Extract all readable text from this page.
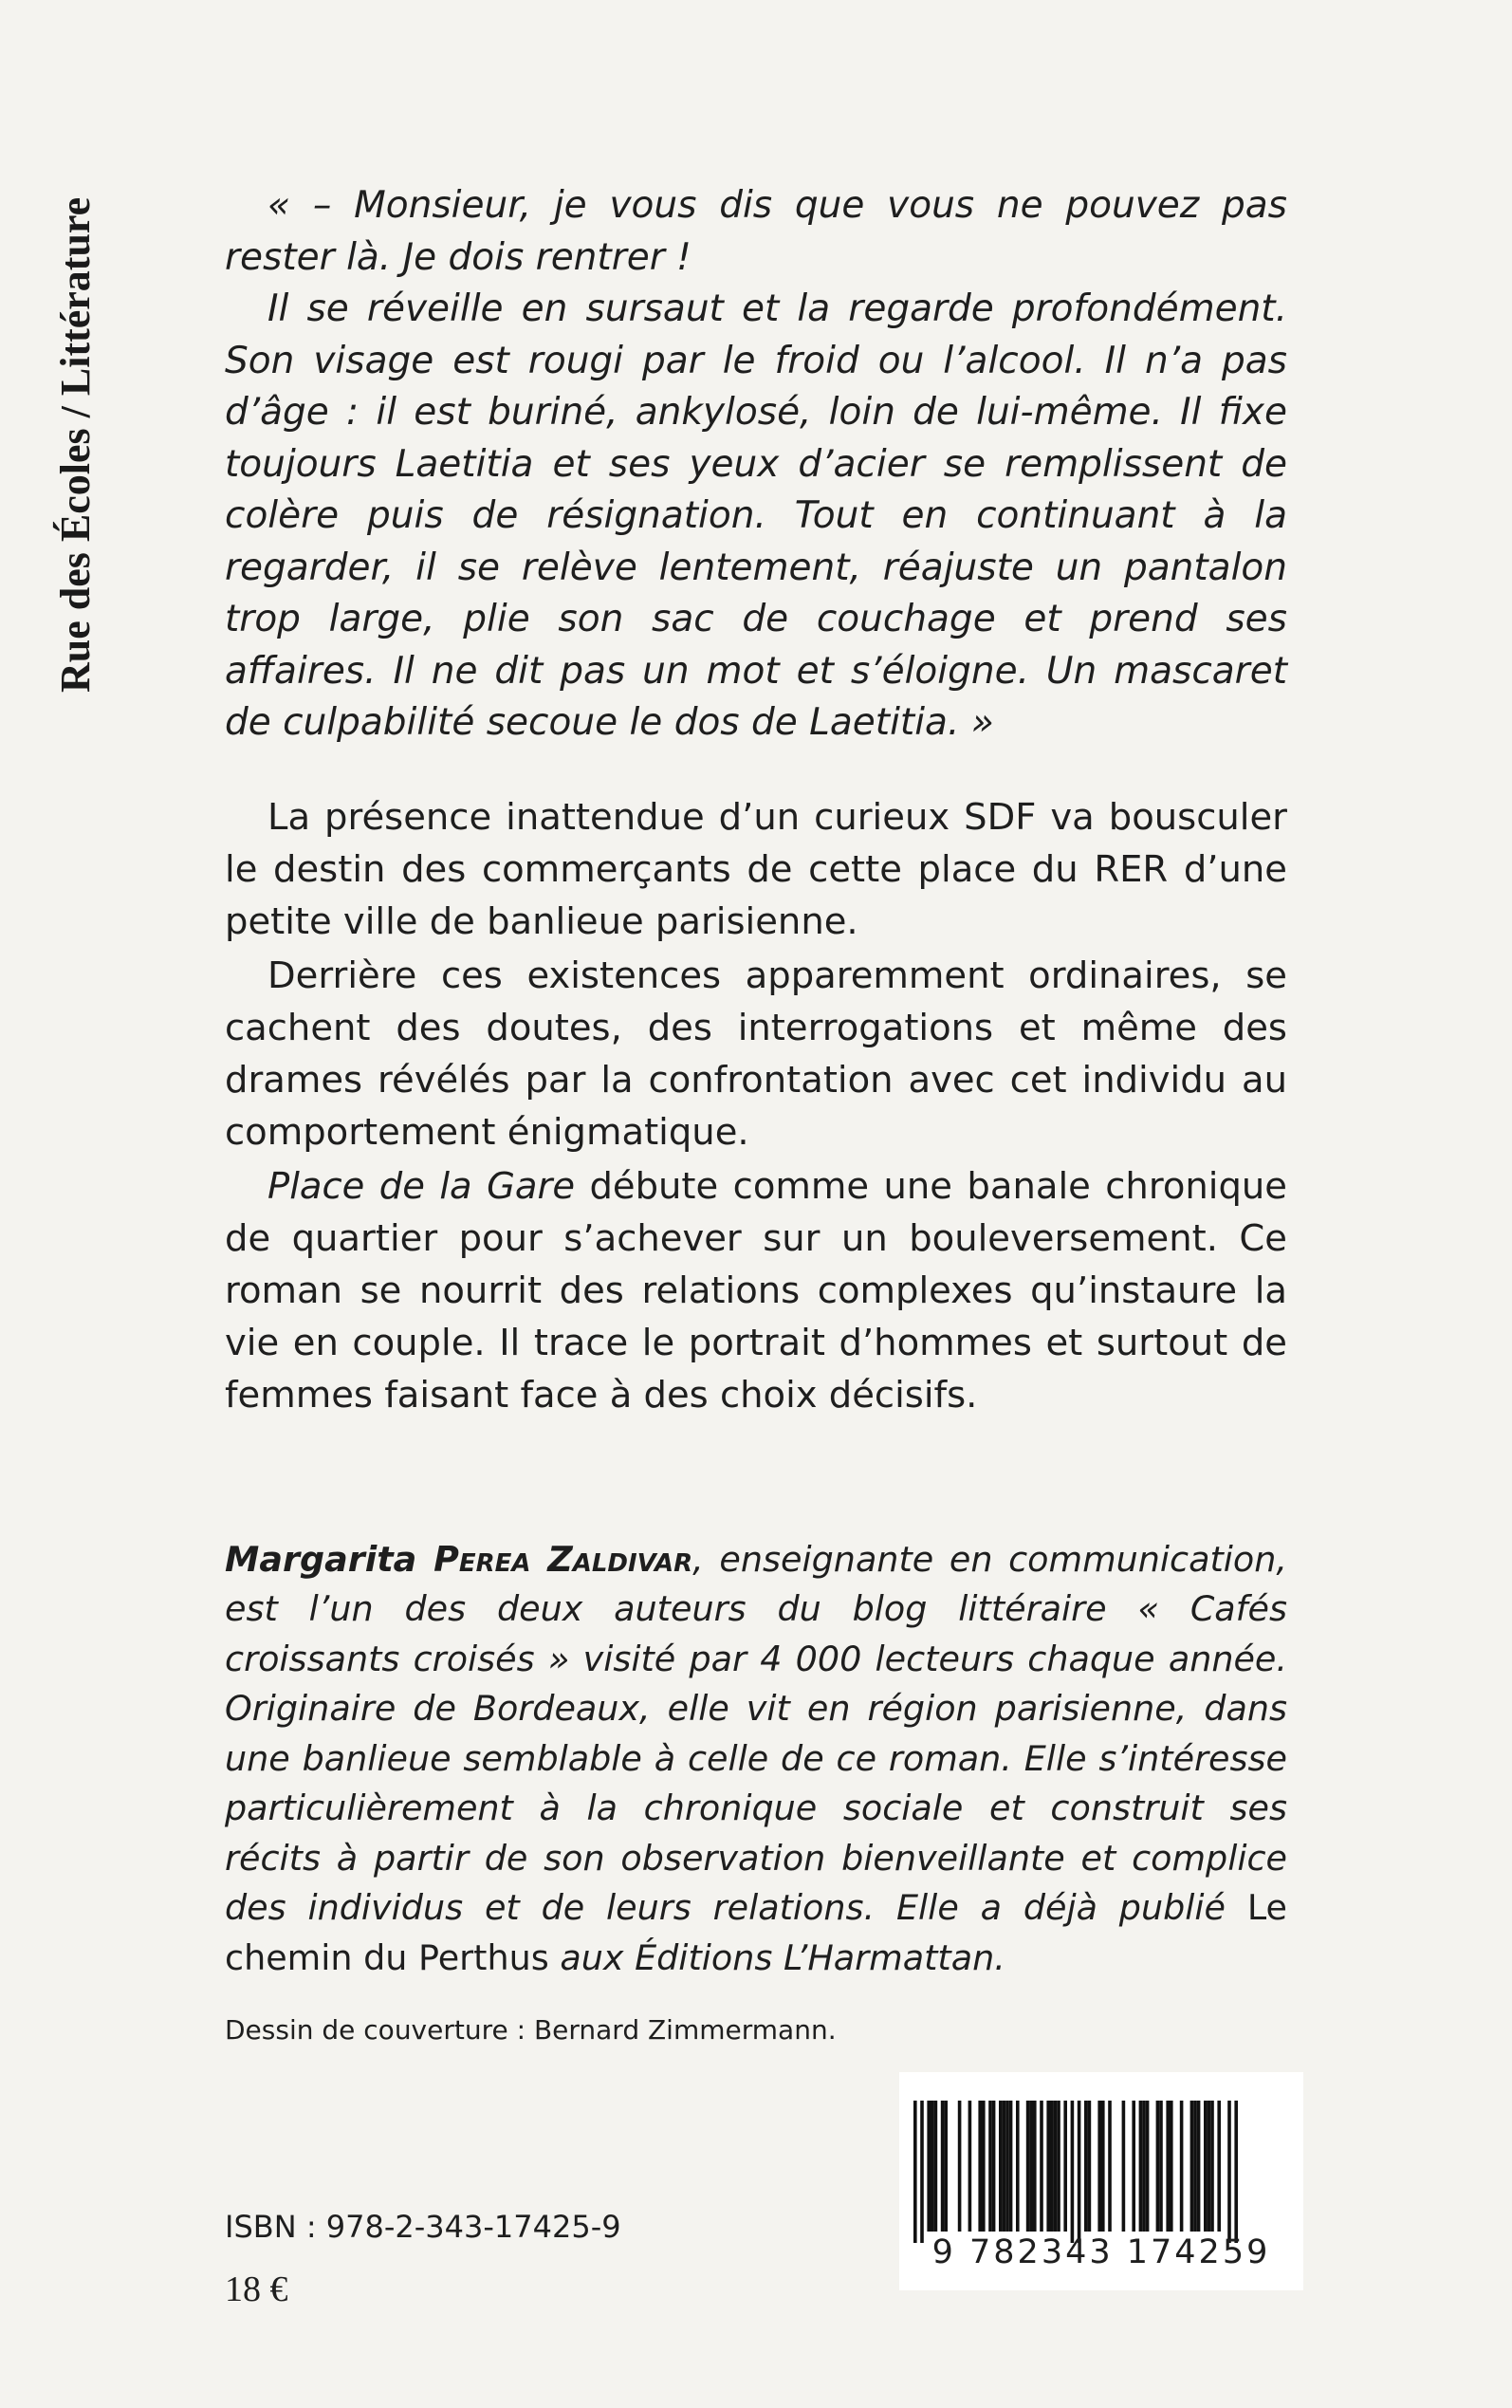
Rue des Écoles / Littérature	« – Monsieur, je vous dis que vous ne pouvez pas rester là. Je dois rentrer !

Il se réveille en sursaut et la regarde profondément. Son visage est rougi par le froid ou l’alcool. Il n’a pas d’âge : il est buriné, ankylosé, loin de lui-même. Il fixe toujours Laetitia et ses yeux d’acier se remplissent de colère puis de résignation. Tout en continuant à la regarder, il se relève lentement, réajuste un pantalon trop large, plie son sac de couchage et prend ses affaires. Il ne dit pas un mot et s’éloigne. Un mascaret de culpabilité secoue le dos de Laetitia. »

La présence inattendue d’un curieux SDF va bousculer le destin des commerçants de cette place du RER d’une petite ville de banlieue parisienne.

Derrière ces existences apparemment ordinaires, se cachent des doutes, des interrogations et même des drames révélés par la confrontation avec cet individu au comportement énigmatique.

Place de la Gare débute comme une banale chronique de quartier pour s’achever sur un bouleversement. Ce roman se nourrit des relations complexes qu’instaure la vie en couple. Il trace le portrait d’hommes et surtout de femmes faisant face à des choix décisifs.

Margarita Perea Zaldivar, enseignante en communication, est l’un des deux auteurs du blog littéraire « Cafés croissants croisés » visité par 4 000 lecteurs chaque année. Originaire de Bordeaux, elle vit en région parisienne, dans une banlieue semblable à celle de ce roman. Elle s’intéresse particulièrement à la chronique sociale et construit ses récits à partir de son observation bienveillante et complice des individus et de leurs relations. Elle a déjà publié Le chemin du Perthus aux Éditions L’Harmattan.

Dessin de couverture : Bernard Zimmermann.
ISBN : 978-2-343-17425-9
18 €
9 782343 174259
